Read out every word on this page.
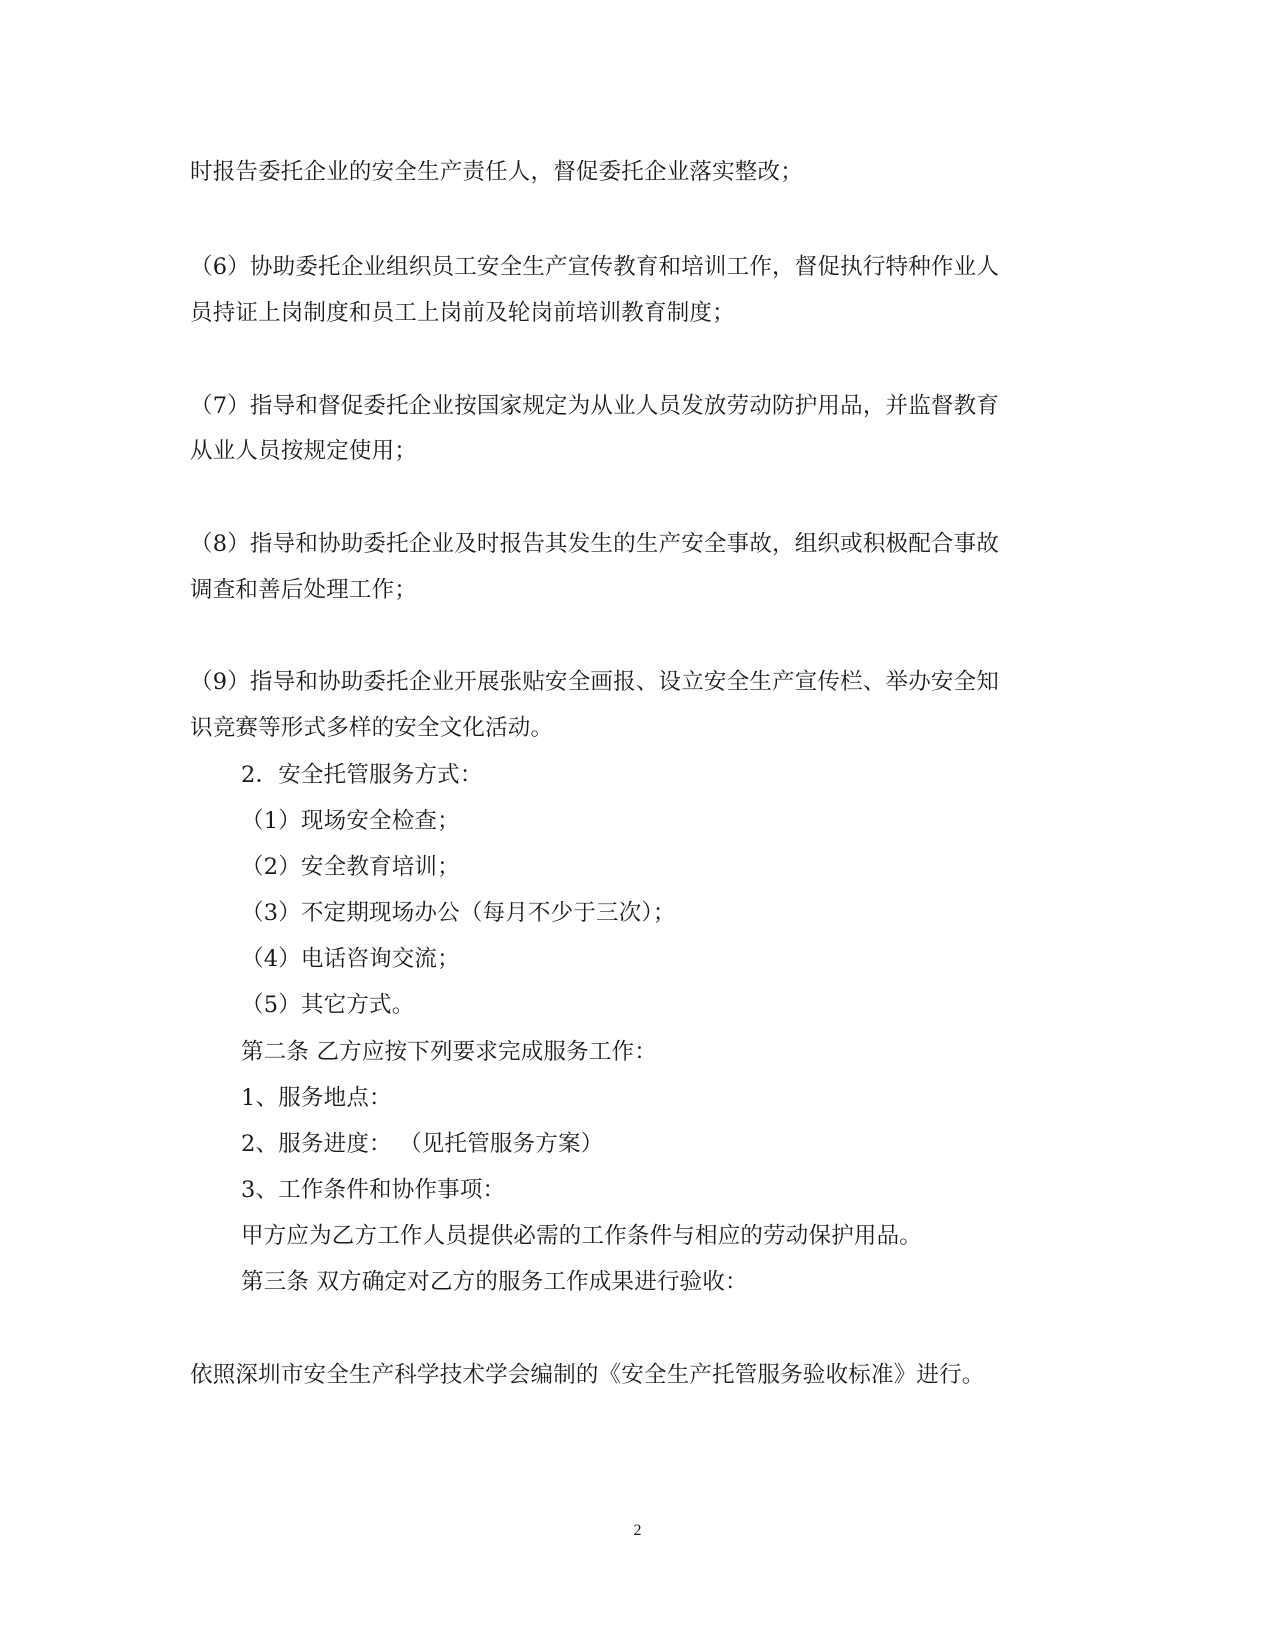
时报告委托企业的安全生产责任人，督促委托企业落实整改；
（6）协助委托企业组织员工安全生产宣传教育和培训工作，督促执行特种作业人
员持证上岗制度和员工上岗前及轮岗前培训教育制度；
（7）指导和督促委托企业按国家规定为从业人员发放劳动防护用品，并监督教育
从业人员按规定使用；
（8）指导和协助委托企业及时报告其发生的生产安全事故，组织或积极配合事故
调查和善后处理工作；
（9）指导和协助委托企业开展张贴安全画报、设立安全生产宣传栏、举办安全知
识竞赛等形式多样的安全文化活动。
2．安全托管服务方式：
（1）现场安全检查；
（2）安全教育培训；
（3）不定期现场办公（每月不少于三次）；
（4）电话咨询交流；
（5）其它方式。
第二条 乙方应按下列要求完成服务工作：
1、服务地点：
2、服务进度： （见托管服务方案）
3、工作条件和协作事项：
甲方应为乙方工作人员提供必需的工作条件与相应的劳动保护用品。
第三条 双方确定对乙方的服务工作成果进行验收：
依照深圳市安全生产科学技术学会编制的《安全生产托管服务验收标准》进行。
2
